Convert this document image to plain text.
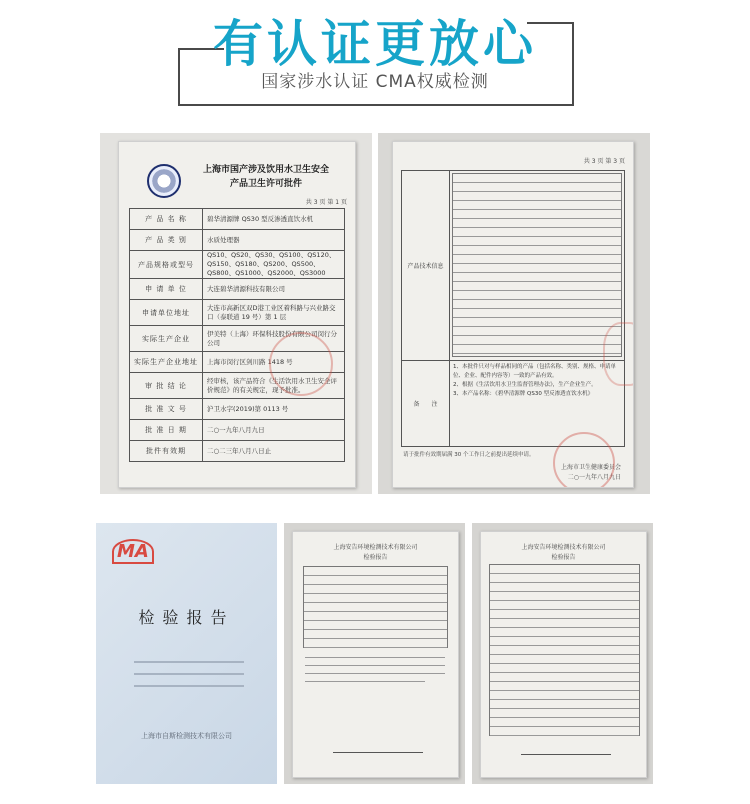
有认证更放心
国家涉水认证 CMA权威检测
上海市国产涉及饮用水卫生安全
产品卫生许可批件
共 3 页 第 1 页
产 品 名 称	碧华清源牌 QS30 型反渗透直饮水机
产 品 类 别	水质处理器
产品规格或型号	QS10、QS20、QS30、QS100、QS120、QS150、QS180、QS200、QS500、QS800、QS1000、QS2000、QS3000
申 请 单 位	大连碧华清源科技有限公司
申请单位地址	大连市高新区双D港工业区着科路与兴业路交口（泰联道 19 号）第 1 层
实际生产企业	伊美特（上海）环保科技股份有限公司闵行分公司
实际生产企业地址	上海市闵行区剑川路 1418 号
审 批 结 论	经审核，该产品符合《生活饮用水卫生安全评价规范》的有关规定，现予批准。
批 准 文 号	沪卫水字(2019)第 0113 号
批 准 日 期	二○一九年八月九日
批件有效期	二○二三年八月八日止
共 3 页 第 3 页
产品技术信息	

备　　注	1、本批件只对与样品相同的产品（包括名称、类别、规格、申请单位、企业、配件内容等）一致的产品有效。
2、根据《生活饮用水卫生监督管理办法》，生产企业生产。
3、本产品名称：《碧华清源牌 QS30 型反渗透直饮水机》
请于批件有效期届满 30 个工作日之前提出延续申请。
上海市卫生健康委员会
二○一九年八月九日
MA
检验报告
上海市自斯检测技术有限公司
上海安告环境检测技术有限公司
检验报告
上海安告环境检测技术有限公司
检验报告
